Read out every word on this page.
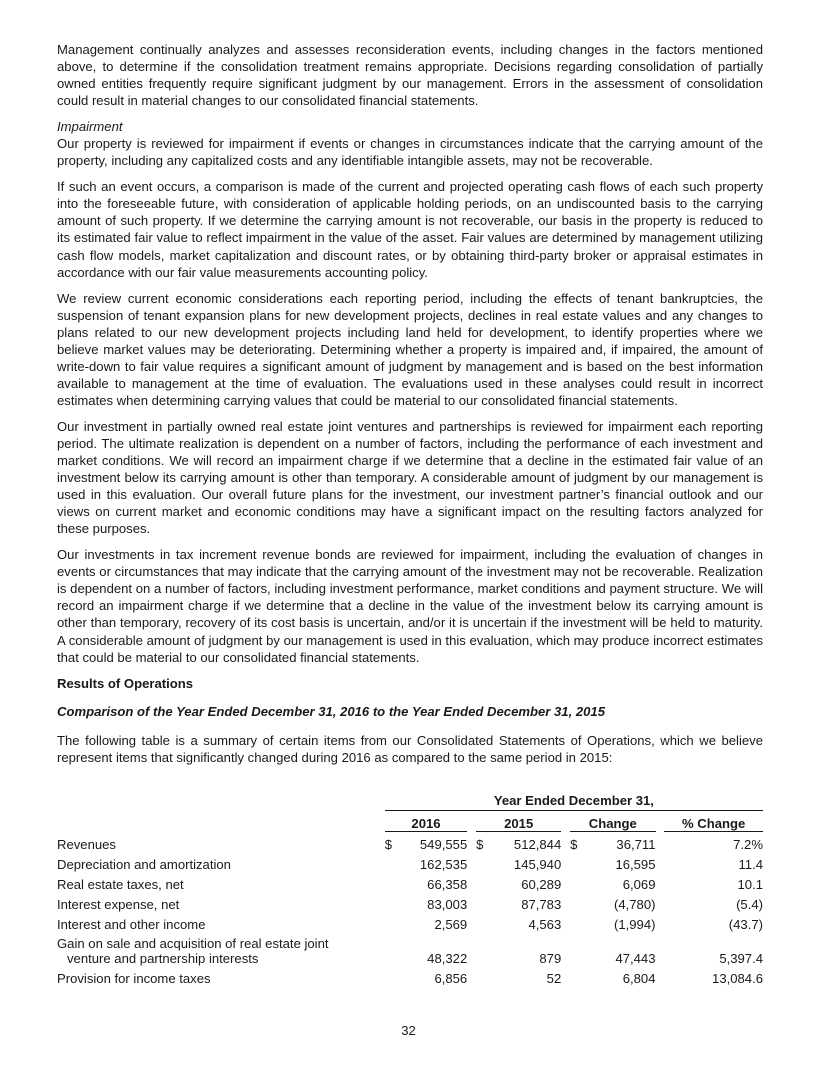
Management continually analyzes and assesses reconsideration events, including changes in the factors mentioned above, to determine if the consolidation treatment remains appropriate. Decisions regarding consolidation of partially owned entities frequently require significant judgment by our management. Errors in the assessment of consolidation could result in material changes to our consolidated financial statements.

Impairment

Our property is reviewed for impairment if events or changes in circumstances indicate that the carrying amount of the property, including any capitalized costs and any identifiable intangible assets, may not be recoverable.

If such an event occurs, a comparison is made of the current and projected operating cash flows of each such property into the foreseeable future, with consideration of applicable holding periods, on an undiscounted basis to the carrying amount of such property. If we determine the carrying amount is not recoverable, our basis in the property is reduced to its estimated fair value to reflect impairment in the value of the asset. Fair values are determined by management utilizing cash flow models, market capitalization and discount rates, or by obtaining third-party broker or appraisal estimates in accordance with our fair value measurements accounting policy.

We review current economic considerations each reporting period, including the effects of tenant bankruptcies, the suspension of tenant expansion plans for new development projects, declines in real estate values and any changes to plans related to our new development projects including land held for development, to identify properties where we believe market values may be deteriorating. Determining whether a property is impaired and, if impaired, the amount of write-down to fair value requires a significant amount of judgment by management and is based on the best information available to management at the time of evaluation. The evaluations used in these analyses could result in incorrect estimates when determining carrying values that could be material to our consolidated financial statements.

Our investment in partially owned real estate joint ventures and partnerships is reviewed for impairment each reporting period. The ultimate realization is dependent on a number of factors, including the performance of each investment and market conditions. We will record an impairment charge if we determine that a decline in the estimated fair value of an investment below its carrying amount is other than temporary. A considerable amount of judgment by our management is used in this evaluation. Our overall future plans for the investment, our investment partner’s financial outlook and our views on current market and economic conditions may have a significant impact on the resulting factors analyzed for these purposes.

Our investments in tax increment revenue bonds are reviewed for impairment, including the evaluation of changes in events or circumstances that may indicate that the carrying amount of the investment may not be recoverable. Realization is dependent on a number of factors, including investment performance, market conditions and payment structure. We will record an impairment charge if we determine that a decline in the value of the investment below its carrying amount is other than temporary, recovery of its cost basis is uncertain, and/or it is uncertain if the investment will be held to maturity. A considerable amount of judgment by our management is used in this evaluation, which may produce incorrect estimates that could be material to our consolidated financial statements.

Results of Operations
Comparison of the Year Ended December 31, 2016 to the Year Ended December 31, 2015

The following table is a summary of certain items from our Consolidated Statements of Operations, which we believe represent items that significantly changed during 2016 as compared to the same period in 2015:

	Year Ended December 31,									
	2016			2015			Change			% Change
Revenues	$	549,555		$	512,844		$	36,711		7.2%
Depreciation and amortization		162,535			145,940			16,595		11.4
Real estate taxes, net		66,358			60,289			6,069		10.1
Interest expense, net		83,003			87,783			(4,780)		(5.4)
Interest and other income		2,569			4,563			(1,994)		(43.7)

Gain on sale and acquisition of real estate joint venture and partnership interests		48,322			879			47,443		5,397.4
Provision for income taxes		6,856			52			6,804		13,084.6
32
